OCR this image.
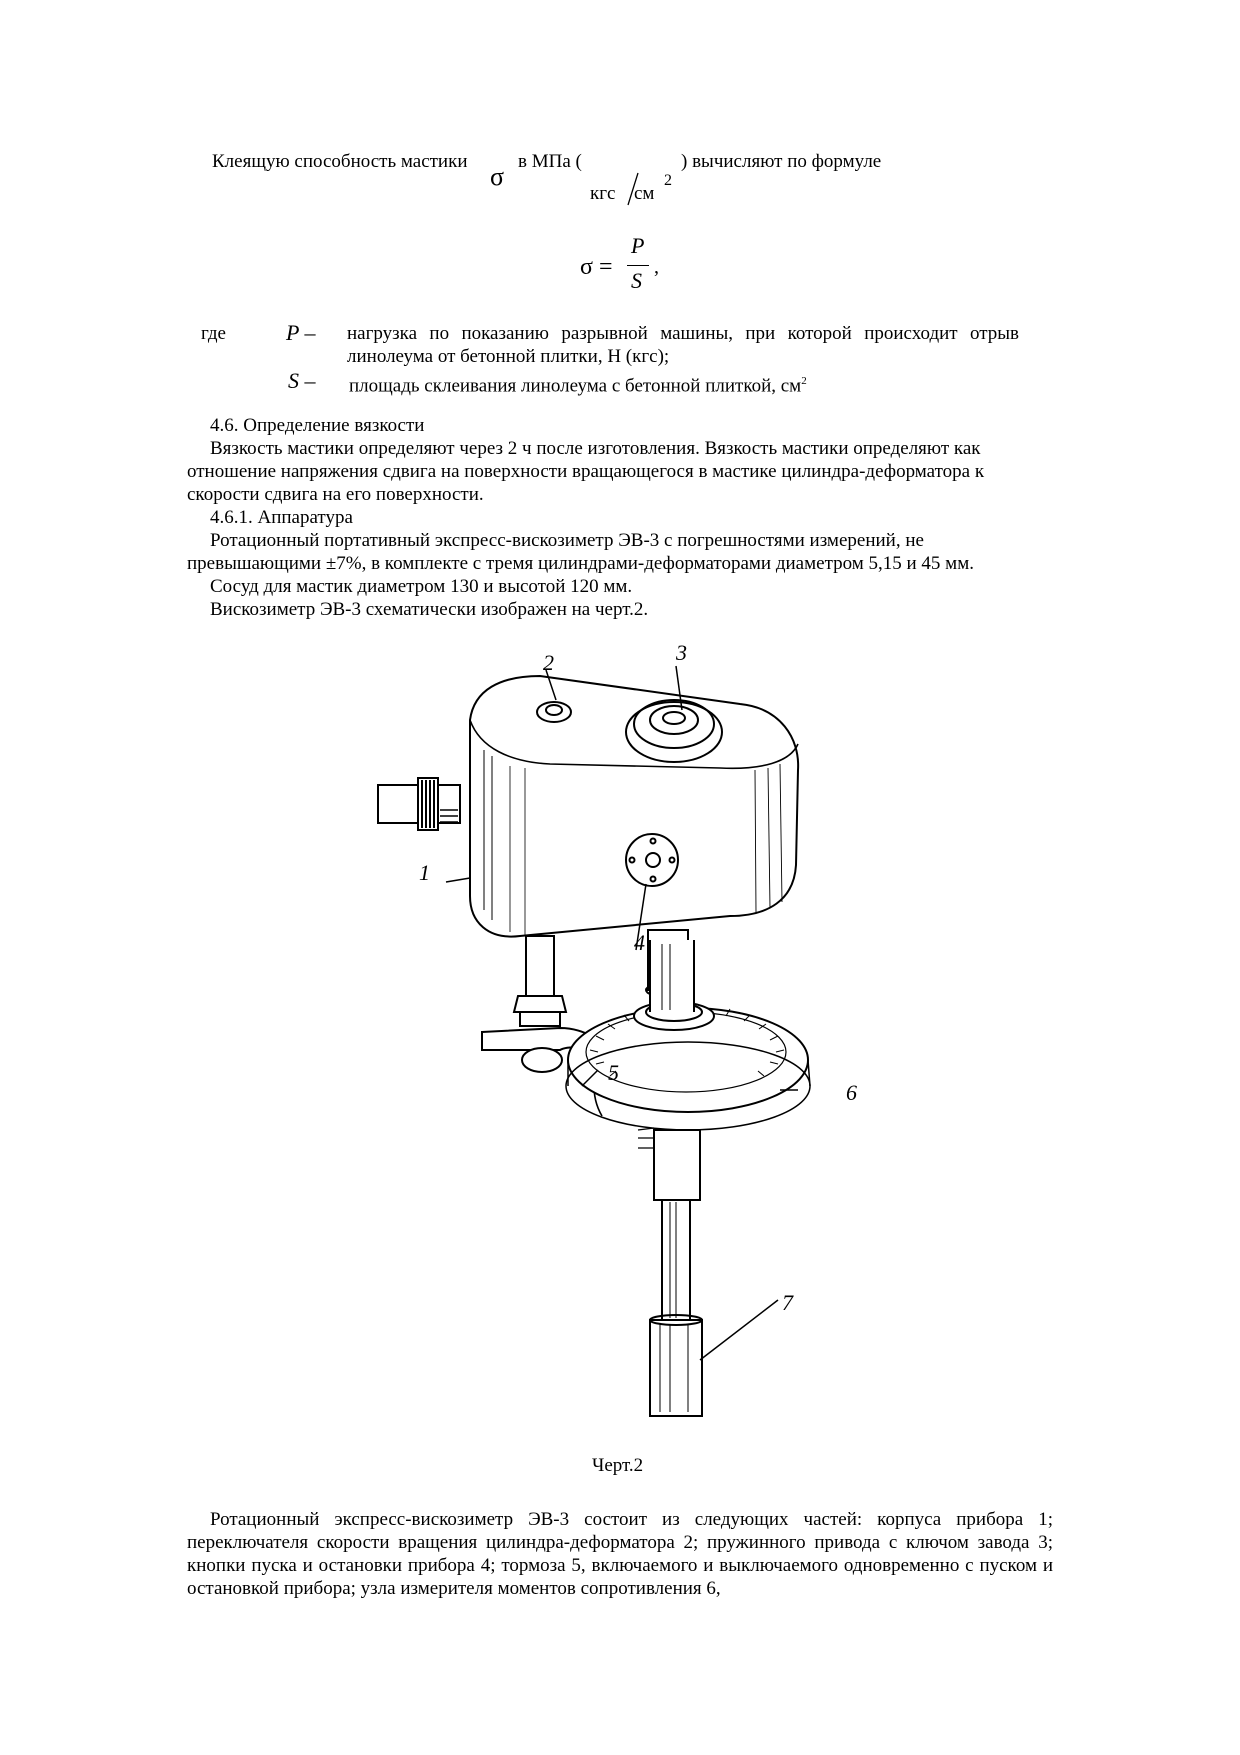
Клеящую способность мастики
σ
в МПа (	) вычисляют по формуле
кгс см
2
σ =
P
S
,
где	P – нагрузка по показанию разрывной машины, при которой происходит отрыв линолеума от бетонной плитки, Н (кгс);
S – площадь склеивания линолеума с бетонной плиткой, $см^2$
4.6. Определение вязкости
Вязкость мастики определяют через 2 ч после изготовления. Вязкость мастики определяют как отношение напряжения сдвига на поверхности вращающегося в мастике цилиндра-деформатора к скорости сдвига на его поверхности.
4.6.1. Аппаратура
Ротационный портативный экспресс-вискозиметр ЭВ-3 с погрешностями измерений, не превышающими ±7%, в комплекте с тремя цилиндрами-деформаторами диаметром 5,15 и 45 мм.
Сосуд для мастик диаметром 130 и высотой 120 мм.
Вискозиметр ЭВ-3 схематически изображен на черт.2.
1
2	3
4
5
6
7
Черт.2
Ротационный экспресс-вискозиметр ЭВ-3 состоит из следующих частей: корпуса прибора 1; переключателя скорости вращения цилиндра-деформатора 2; пружинного привода с ключом завода 3; кнопки пуска и остановки прибора 4; тормоза 5, включаемого и выключаемого одновременно с пуском и остановкой прибора; узла измерителя моментов сопротивления 6,
